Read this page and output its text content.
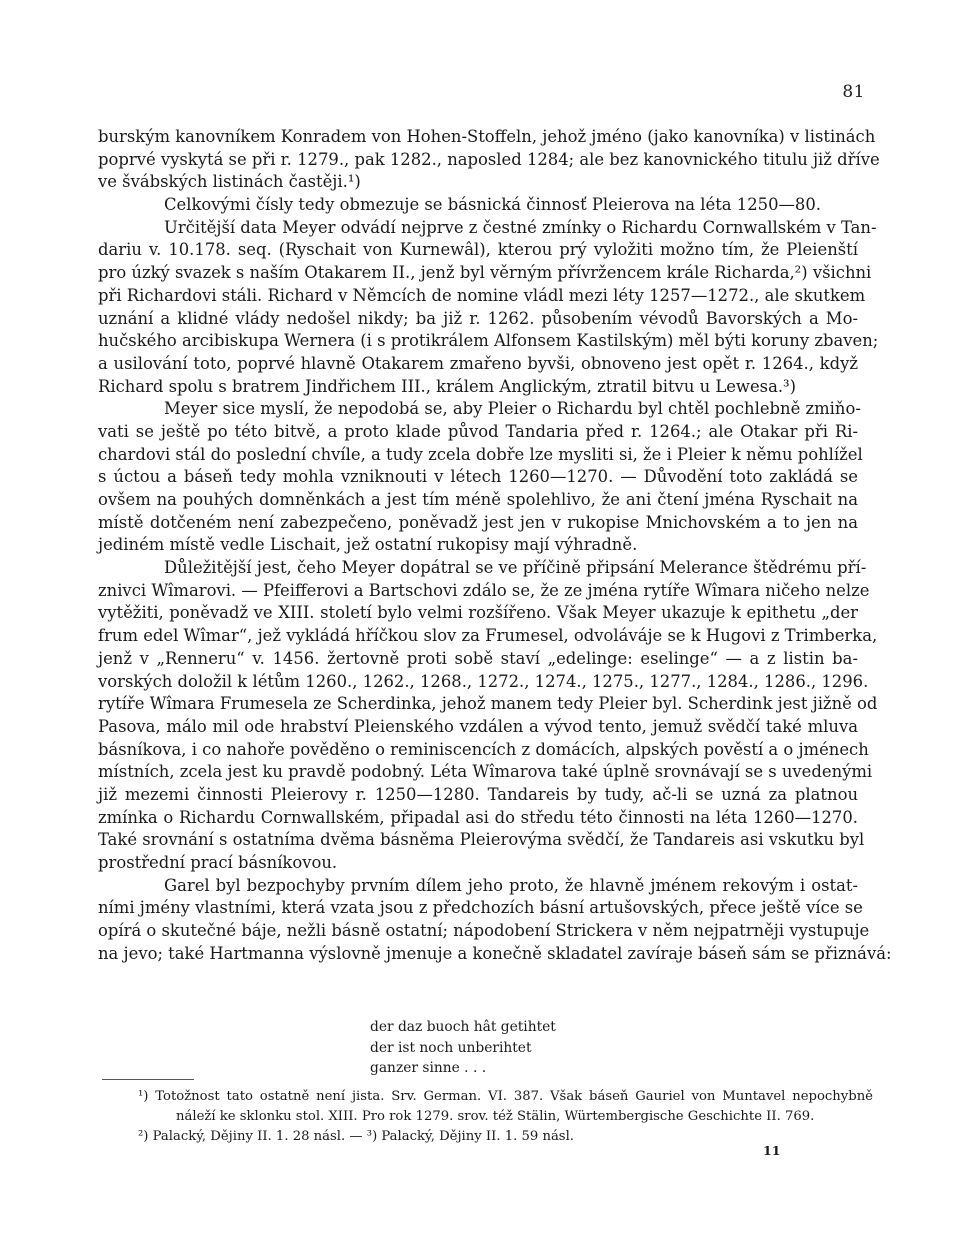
81
burským kanovníkem Konradem von Hohen-Stoffeln, jehož jméno (jako kanovníka) v listinách
poprvé vyskytá se při r. 1279., pak 1282., naposled 1284; ale bez kanovnického titulu již dříve
ve švábských listinách častěji.¹)
Celkovými čísly tedy obmezuje se básnická činnosť Pleierova na léta 1250—80.
Určitější data Meyer odvádí nejprve z čestné zmínky o Richardu Cornwallském v Tan-
dariu v. 10.178. seq. (Ryschait von Kurnewâl), kterou prý vyložiti možno tím, že Pleienští
pro úzký svazek s naším Otakarem II., jenž byl věrným přívržencem krále Richarda,²) všichni
při Richardovi stáli. Richard v Němcích de nomine vládl mezi léty 1257—1272., ale skutkem
uznání a klidné vlády nedošel nikdy; ba již r. 1262. působením vévodů Bavorských a Mo-
hučského arcibiskupa Wernera (i s protikrálem Alfonsem Kastilským) měl býti koruny zbaven;
a usilování toto, poprvé hlavně Otakarem zmařeno byvši, obnoveno jest opět r. 1264., když
Richard spolu s bratrem Jindřichem III., králem Anglickým, ztratil bitvu u Lewesa.³)
Meyer sice myslí, že nepodobá se, aby Pleier o Richardu byl chtěl pochlebně zmiňo-
vati se ještě po této bitvě, a proto klade původ Tandaria před r. 1264.; ale Otakar při Ri-
chardovi stál do poslední chvíle, a tudy zcela dobře lze mysliti si, že i Pleier k němu pohlížel
s úctou a báseň tedy mohla vzniknouti v létech 1260—1270. — Důvodění toto zakládá se
ovšem na pouhých domněnkách a jest tím méně spolehlivo, že ani čtení jména Ryschait na
místě dotčeném není zabezpečeno, poněvadž jest jen v rukopise Mnichovském a to jen na
jediném místě vedle Lischait, jež ostatní rukopisy mají výhradně.
Důležitější jest, čeho Meyer dopátral se ve příčině připsání Melerance štědrému pří-
znivci Wîmarovi. — Pfeifferovi a Bartschovi zdálo se, že ze jména rytíře Wîmara ničeho nelze
vytěžiti, poněvadž ve XIII. století bylo velmi rozšířeno. Však Meyer ukazuje k epithetu „der
frum edel Wîmar“, jež vykládá hříčkou slov za Frumesel, odvoláváje se k Hugovi z Trimberka,
jenž v „Renneru“ v. 1456. žertovně proti sobě staví „edelinge: eselinge“ — a z listin ba-
vorských doložil k létům 1260., 1262., 1268., 1272., 1274., 1275., 1277., 1284., 1286., 1296.
rytíře Wîmara Frumesela ze Scherdinka, jehož manem tedy Pleier byl. Scherdink jest jižně od
Pasova, málo mil ode hrabství Pleienského vzdálen a vývod tento, jemuž svědčí také mluva
básníkova, i co nahoře pověděno o reminiscencích z domácích, alpských pověstí a o jménech
místních, zcela jest ku pravdě podobný. Léta Wîmarova také úplně srovnávají se s uvedenými
již mezemi činnosti Pleierovy r. 1250—1280. Tandareis by tudy, ač-li se uzná za platnou
zmínka o Richardu Cornwallském, připadal asi do středu této činnosti na léta 1260—1270.
Také srovnání s ostatníma dvěma básněma Pleierovýma svědčí, že Tandareis asi vskutku byl
prostřední prací básníkovou.
Garel byl bezpochyby prvním dílem jeho proto, že hlavně jménem rekovým i ostat-
ními jmény vlastními, která vzata jsou z předchozích básní artušovských, přece ještě více se
opírá o skutečné báje, nežli básně ostatní; nápodobení Strickera v něm nejpatrněji vystupuje
na jevo; také Hartmanna výslovně jmenuje a konečně skladatel zavíraje báseň sám se přiznává:
der daz buoch hât getihtet
der ist noch unberihtet
ganzer sinne . . .
¹) Totožnost tato ostatně není jista. Srv. German. VI. 387. Však báseň Gauriel von Muntavel nepochybně
náleží ke sklonku stol. XIII. Pro rok 1279. srov. též Stälin, Würtembergische Geschichte II. 769.
²) Palacký, Dějiny II. 1. 28 násl. — ³) Palacký, Dějiny II. 1. 59 násl.
11
